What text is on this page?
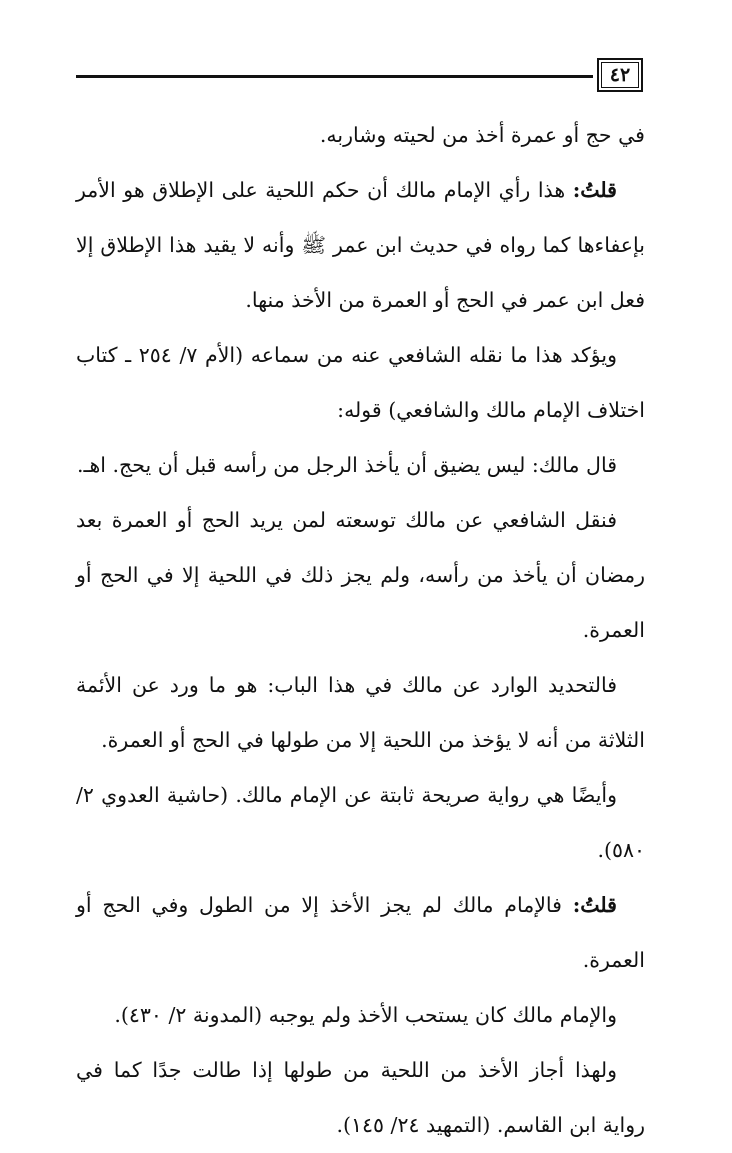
٤٢

في حج أو عمرة أخذ من لحيته وشاربه.

قلتُ: هذا رأي الإمام مالك أن حكم اللحية على الإطلاق هو الأمر بإعفاءها كما رواه في حديث ابن عمر ﷺ وأنه لا يقيد هذا الإطلاق إلا فعل ابن عمر في الحج أو العمرة من الأخذ منها.

ويؤكد هذا ما نقله الشافعي عنه من سماعه (الأم ٧/ ٢٥٤ ـ كتاب اختلاف الإمام مالك والشافعي) قوله:

قال مالك: ليس يضيق أن يأخذ الرجل من رأسه قبل أن يحج. اهـ.

فنقل الشافعي عن مالك توسعته لمن يريد الحج أو العمرة بعد رمضان أن يأخذ من رأسه، ولم يجز ذلك في اللحية إلا في الحج أو العمرة.

فالتحديد الوارد عن مالك في هذا الباب: هو ما ورد عن الأئمة الثلاثة من أنه لا يؤخذ من اللحية إلا من طولها في الحج أو العمرة.

وأيضًا هي رواية صريحة ثابتة عن الإمام مالك. (حاشية العدوي ٢/ ٥٨٠).

قلتُ: فالإمام مالك لم يجز الأخذ إلا من الطول وفي الحج أو العمرة.

والإمام مالك كان يستحب الأخذ ولم يوجبه (المدونة ٢/ ٤٣٠).

ولهذا أجاز الأخذ من اللحية من طولها إذا طالت جدًا كما في رواية ابن القاسم. (التمهيد ٢٤/ ١٤٥).
